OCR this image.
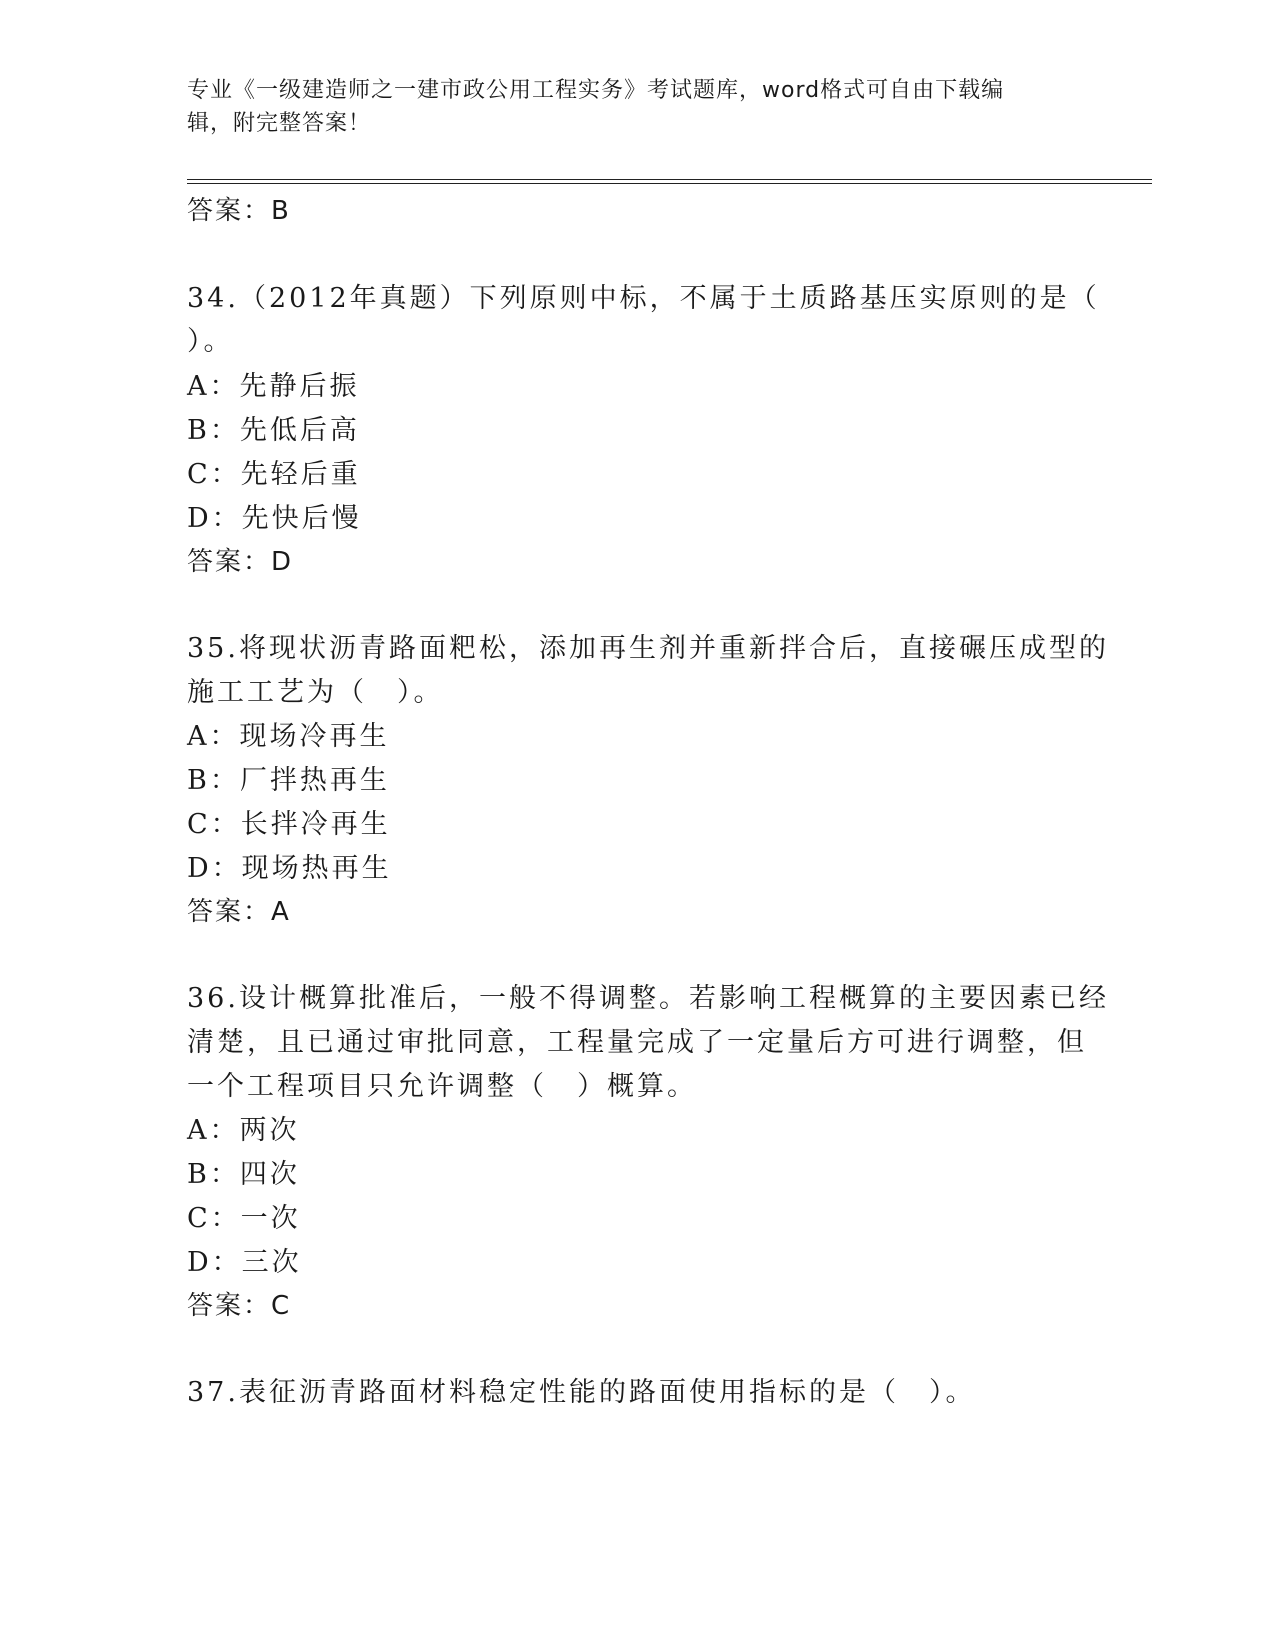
专业《一级建造师之一建市政公用工程实务》考试题库，word格式可自由下载编
辑，附完整答案！
答案：B
34.（2012年真题）下列原则中标，不属于土质路基压实原则的是（
）。
A：先静后振
B：先低后高
C：先轻后重
D：先快后慢
答案：D
35.将现状沥青路面粑松，添加再生剂并重新拌合后，直接碾压成型的
施工工艺为（　）。
A：现场冷再生
B：厂拌热再生
C：长拌冷再生
D：现场热再生
答案：A
36.设计概算批准后，一般不得调整。若影响工程概算的主要因素已经
清楚，且已通过审批同意，工程量完成了一定量后方可进行调整，但
一个工程项目只允许调整（　）概算。
A：两次
B：四次
C：一次
D：三次
答案：C
37.表征沥青路面材料稳定性能的路面使用指标的是（　）。
